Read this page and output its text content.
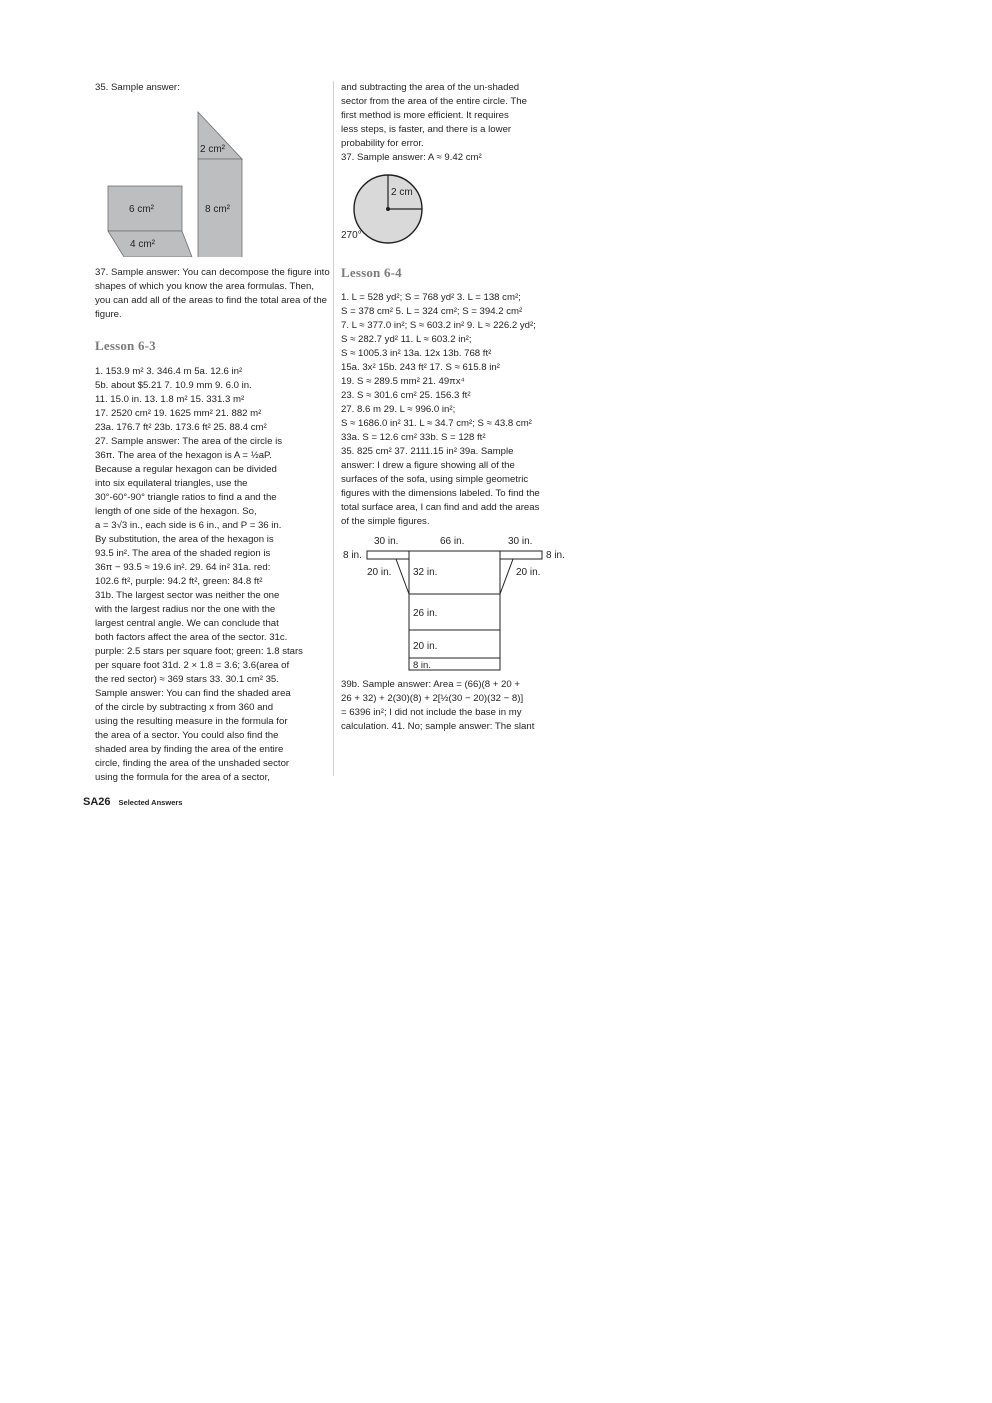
35. Sample answer:

2 cm²
6 cm²	8 cm²
4 cm²

37. Sample answer: You can decompose the figure into shapes of which you know the area formulas. Then, you can add all of the areas to find the total area of the figure.

Lesson 6-3

1. 153.9 m² 3. 346.4 m 5a. 12.6 in²

5b. about $5.21 7. 10.9 mm 9. 6.0 in.

11. 15.0 in. 13. 1.8 m² 15. 331.3 m²

17. 2520 cm² 19. 1625 mm² 21. 882 m²

23a. 176.7 ft² 23b. 173.6 ft² 25. 88.4 cm²

27. Sample answer: The area of the circle is

36π. The area of the hexagon is A = ½aP.

Because a regular hexagon can be divided

into six equilateral triangles, use the

30°-60°-90° triangle ratios to find a and the

length of one side of the hexagon. So,

a = 3√3 in., each side is 6 in., and P = 36 in.

By substitution, the area of the hexagon is

93.5 in². The area of the shaded region is

36π − 93.5 ≈ 19.6 in². 29. 64 in² 31a. red:

102.6 ft², purple: 94.2 ft², green: 84.8 ft²

31b. The largest sector was neither the one

with the largest radius nor the one with the

largest central angle. We can conclude that

both factors affect the area of the sector. 31c.

purple: 2.5 stars per square foot; green: 1.8 stars

per square foot 31d. 2 × 1.8 = 3.6; 3.6(area of

the red sector) ≈ 369 stars 33. 30.1 cm² 35.

Sample answer: You can find the shaded area

of the circle by subtracting x from 360 and

using the resulting measure in the formula for

the area of a sector. You could also find the

shaded area by finding the area of the entire

circle, finding the area of the unshaded sector

using the formula for the area of a sector,

and subtracting the area of the un-shaded

sector from the area of the entire circle. The

first method is more efficient. It requires

less steps, is faster, and there is a lower

probability for error.

37. Sample answer: A ≈ 9.42 cm²

2 cm
270°

Lesson 6-4

1. L = 528 yd²; S = 768 yd² 3. L = 138 cm²;

S = 378 cm² 5. L = 324 cm²; S = 394.2 cm²

7. L ≈ 377.0 in²; S ≈ 603.2 in² 9. L ≈ 226.2 yd²;

S ≈ 282.7 yd² 11. L ≈ 603.2 in²;

S ≈ 1005.3 in² 13a. 12x 13b. 768 ft²

15a. 3x² 15b. 243 ft² 17. S ≈ 615.8 in²

19. S ≈ 289.5 mm² 21. 49πx⁴

23. S ≈ 301.6 cm² 25. 156.3 ft²

27. 8.6 m 29. L ≈ 996.0 in²;

S ≈ 1686.0 in² 31. L ≈ 34.7 cm²; S ≈ 43.8 cm²

33a. S = 12.6 cm² 33b. S = 128 ft²

35. 825 cm² 37. 2111.15 in² 39a. Sample

answer: I drew a figure showing all of the

surfaces of the sofa, using simple geometric

figures with the dimensions labeled. To find the

total surface area, I can find and add the areas

of the simple figures.

30 in.	66 in.	30 in.
8 in.	8 in.
20 in.	20 in.
32 in.
26 in.
20 in.
8 in.

39b. Sample answer: Area = (66)(8 + 20 +

26 + 32) + 2(30)(8) + 2[½(30 − 20)(32 − 8)]

= 6396 in²; I did not include the base in my

calculation. 41. No; sample answer: The slant

SA26 Selected Answers
